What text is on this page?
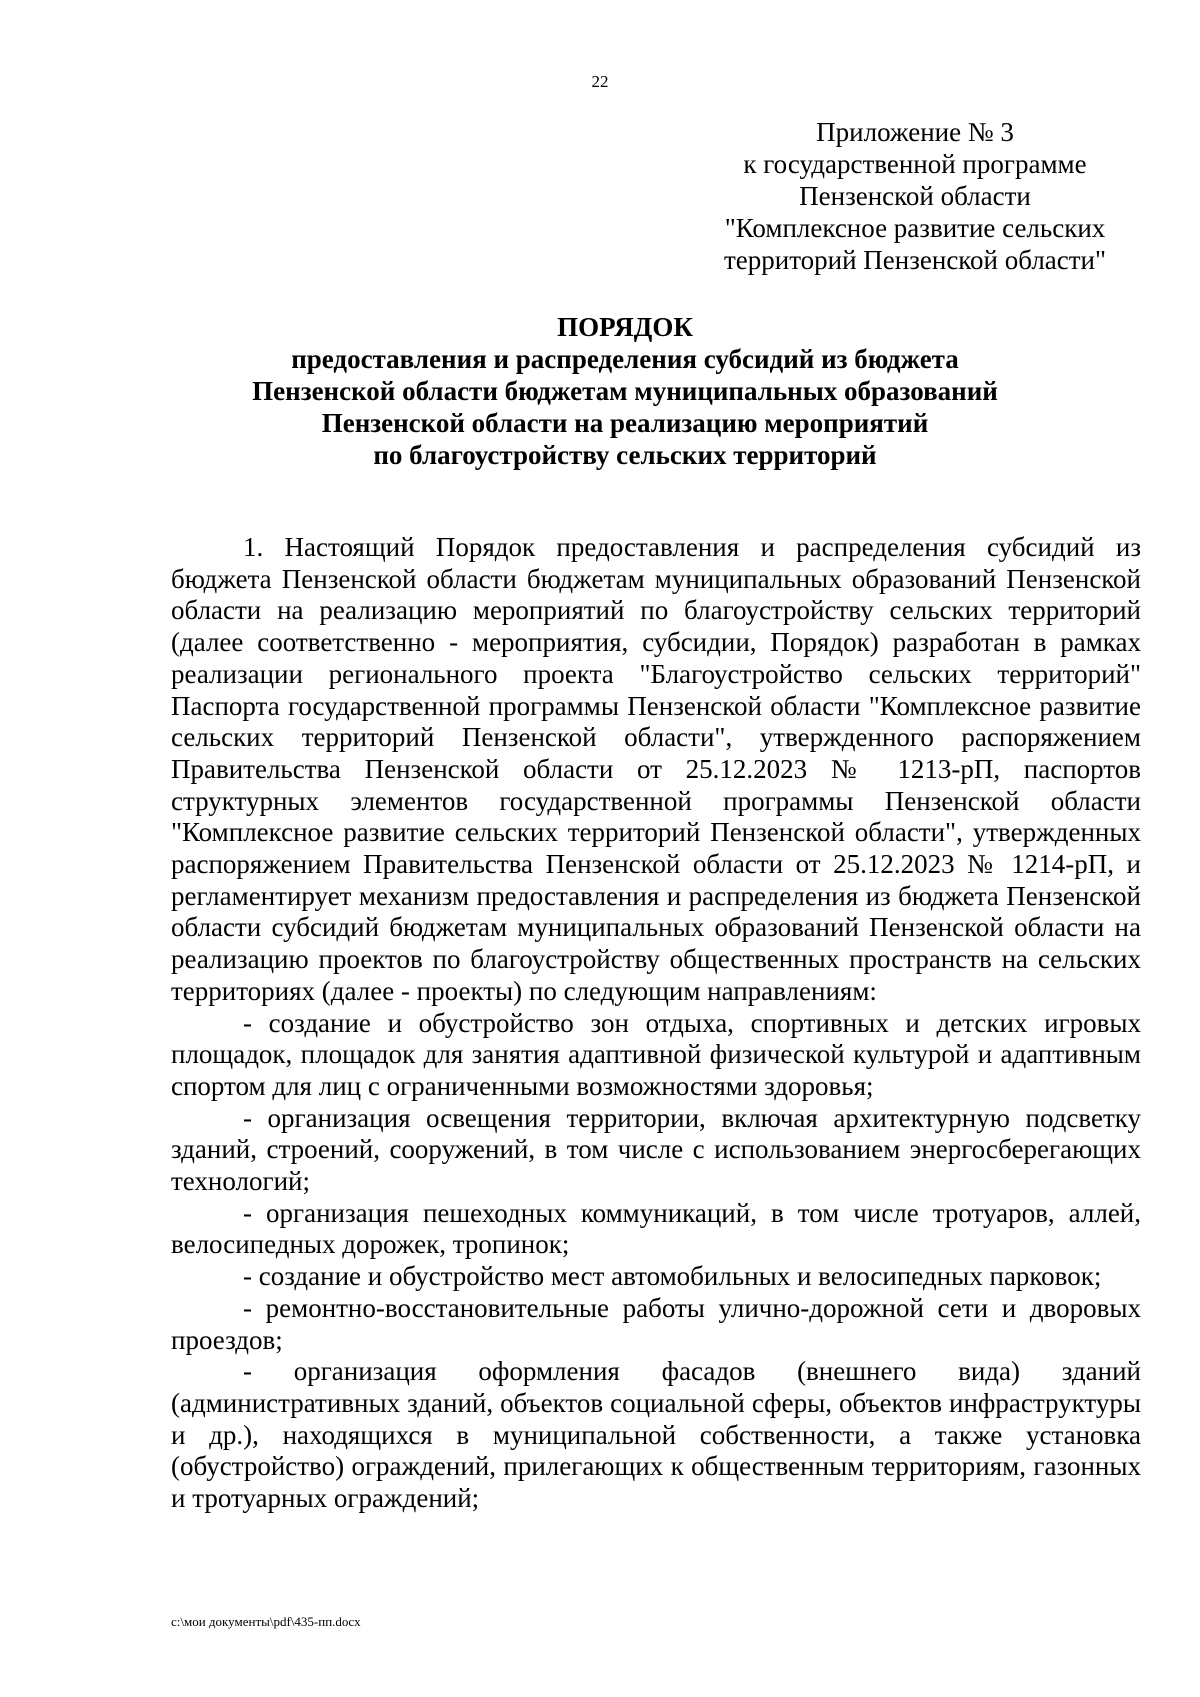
22
Приложение № 3
к государственной программе
Пензенской области
"Комплексное развитие сельских
территорий Пензенской области"
ПОРЯДОК
предоставления и распределения субсидий из бюджета
Пензенской области бюджетам муниципальных образований
Пензенской области на реализацию мероприятий
по благоустройству сельских территорий

1. Настоящий Порядок предоставления и распределения субсидий из бюджета Пензенской области бюджетам муниципальных образований Пензенской области на реализацию мероприятий по благоустройству сельских территорий (далее соответственно - мероприятия, субсидии, Порядок) разработан в рамках реализации регионального проекта "Благоустройство сельских территорий" Паспорта государственной программы Пензенской области "Комплексное развитие сельских территорий Пензенской области", утвержденного распоряжением Правительства Пензенской области от 25.12.2023 № 1213-рП, паспортов структурных элементов государственной программы Пензенской области "Комплексное развитие сельских территорий Пензенской области", утвержденных распоряжением Правительства Пензенской области от 25.12.2023 № 1214-рП, и регламентирует механизм предоставления и распределения из бюджета Пензенской области субсидий бюджетам муниципальных образований Пензенской области на реализацию проектов по благоустройству общественных пространств на сельских территориях (далее - проекты) по следующим направлениям:

- создание и обустройство зон отдыха, спортивных и детских игровых площадок, площадок для занятия адаптивной физической культурой и адаптивным спортом для лиц с ограниченными возможностями здоровья;

- организация освещения территории, включая архитектурную подсветку зданий, строений, сооружений, в том числе с использованием энергосберегающих технологий;

- организация пешеходных коммуникаций, в том числе тротуаров, аллей, велосипедных дорожек, тропинок;

- создание и обустройство мест автомобильных и велосипедных парковок;

- ремонтно-восстановительные работы улично-дорожной сети и дворовых проездов;

- организация оформления фасадов (внешнего вида) зданий (административных зданий, объектов социальной сферы, объектов инфраструктуры и др.), находящихся в муниципальной собственности, а также установка (обустройство) ограждений, прилегающих к общественным территориям, газонных и тротуарных ограждений;

c:\мои документы\pdf\435-пп.docx
